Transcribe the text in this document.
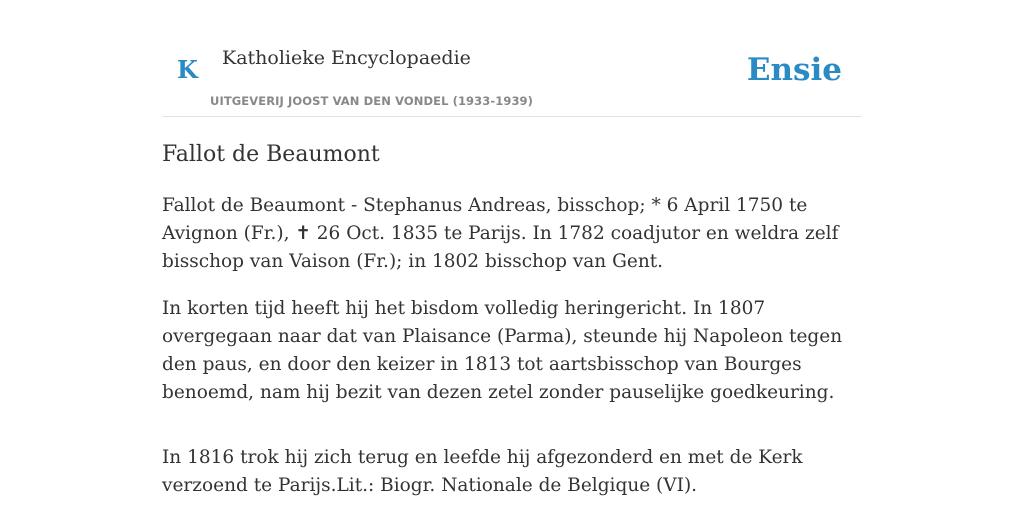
K Katholieke Encyclopaedie
UITGEVERIJ JOOST VAN DEN VONDEL (1933-1939)
Ensie
Fallot de Beaumont

Fallot de Beaumont - Stephanus Andreas, bisschop; * 6 April 1750 te Avignon (Fr.), ✝ 26 Oct. 1835 te Parijs. In 1782 coadjutor en weldra zelf bisschop van Vaison (Fr.); in 1802 bisschop van Gent.

In korten tijd heeft hij het bisdom volledig heringericht. In 1807 overgegaan naar dat van Plaisance (Parma), steunde hij Napoleon tegen den paus, en door den keizer in 1813 tot aartsbisschop van Bourges benoemd, nam hij bezit van dezen zetel zonder pauselijke goedkeuring.

In 1816 trok hij zich terug en leefde hij afgezonderd en met de Kerk verzoend te Parijs.Lit.: Biogr. Nationale de Belgique (VI).
